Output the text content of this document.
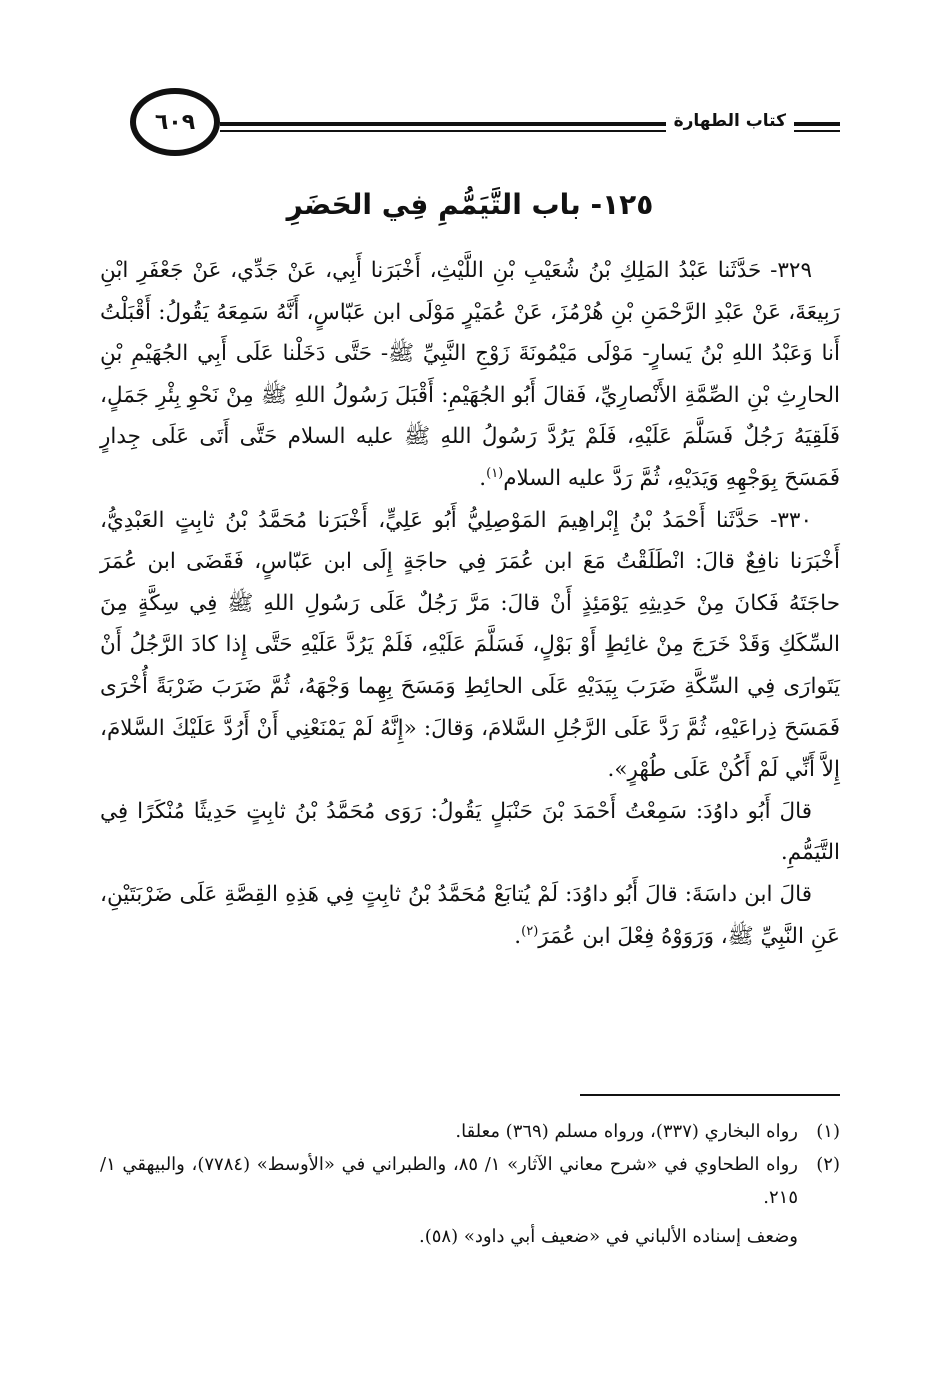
كتاب الطهارة
٦٠٩
١٢٥- باب التَّيَمُّمِ فِي الحَضَرِ

٣٢٩- حَدَّثَنا عَبْدُ المَلِكِ بْنُ شُعَيْبِ بْنِ اللَّيْثِ، أَخْبَرَنا أَبِي، عَنْ جَدِّي، عَنْ جَعْفَرِ ابْنِ رَبِيعَةَ، عَنْ عَبْدِ الرَّحْمَنِ بْنِ هُرْمُزَ، عَنْ عُمَيْرٍ مَوْلَى ابن عَبّاسٍ، أَنَّهُ سَمِعَهُ يَقُولُ: أَقْبَلْتُ أَنا وَعَبْدُ اللهِ بْنُ يَسارٍ- مَوْلَى مَيْمُونَةَ زَوْجِ النَّبِيِّ ﷺ- حَتَّى دَخَلْنا عَلَى أَبِي الجُهَيْمِ بْنِ الحارِثِ بْنِ الصِّمَّةِ الأَنْصارِيِّ، فَقالَ أَبُو الجُهَيْمِ: أَقْبَلَ رَسُولُ اللهِ ﷺ مِنْ نَحْوِ بِئْرِ جَمَلٍ، فَلَقِيَهُ رَجُلٌ فَسَلَّمَ عَلَيْهِ، فَلَمْ يَرُدَّ رَسُولُ اللهِ ﷺ عليه السلام حَتَّى أَتَى عَلَى جِدارٍ فَمَسَحَ بِوَجْهِهِ وَيَدَيْهِ، ثُمَّ رَدَّ عليه السلام$^{(١)}$.

٣٣٠- حَدَّثَنا أَحْمَدُ بْنُ إِبْراهِيمَ المَوْصِلِيُّ أَبُو عَلِيٍّ، أَخْبَرَنا مُحَمَّدُ بْنُ ثابِتٍ العَبْدِيُّ، أَخْبَرَنا نافِعٌ قالَ: انْطَلَقْتُ مَعَ ابن عُمَرَ فِي حاجَةٍ إِلَى ابن عَبّاسٍ، فَقَضَى ابن عُمَرَ حاجَتَهُ فَكانَ مِنْ حَدِيثِهِ يَوْمَئِذٍ أَنْ قالَ: مَرَّ رَجُلٌ عَلَى رَسُولِ اللهِ ﷺ فِي سِكَّةٍ مِنَ السِّكَكِ وَقَدْ خَرَجَ مِنْ غائِطٍ أَوْ بَوْلٍ، فَسَلَّمَ عَلَيْهِ، فَلَمْ يَرُدَّ عَلَيْهِ حَتَّى إِذا كادَ الرَّجُلُ أَنْ يَتَوارَى فِي السِّكَّةِ ضَرَبَ بِيَدَيْهِ عَلَى الحائِطِ وَمَسَحَ بِهِما وَجْهَهُ، ثُمَّ ضَرَبَ ضَرْبَةً أُخْرَى فَمَسَحَ ذِراعَيْهِ، ثُمَّ رَدَّ عَلَى الرَّجُلِ السَّلامَ، وَقالَ: «إِنَّهُ لَمْ يَمْنَعْنِي أَنْ أَرُدَّ عَلَيْكَ السَّلامَ، إِلاَّ أَنِّي لَمْ أَكُنْ عَلَى طُهْرٍ».

قالَ أَبُو داوُدَ: سَمِعْتُ أَحْمَدَ بْنَ حَنْبَلٍ يَقُولُ: رَوَى مُحَمَّدُ بْنُ ثابِتٍ حَدِيثًا مُنْكَرًا فِي التَّيَمُّمِ.

قالَ ابن داسَةَ: قالَ أَبُو داوُدَ: لَمْ يُتابَعْ مُحَمَّدُ بْنُ ثابِتٍ فِي هَذِهِ القِصَّةِ عَلَى ضَرْبَتَيْنِ، عَنِ النَّبِيِّ ﷺ، وَرَوَوْهُ فِعْلَ ابن عُمَرَ$^{(٢)}$.

(١)
رواه البخاري (٣٣٧)، ورواه مسلم (٣٦٩) معلقا.
(٢)
رواه الطحاوي في «شرح معاني الآثار» ١/ ٨٥، والطبراني في «الأوسط» (٧٧٨٤)، والبيهقي ١/ ٢١٥.
وضعف إسناده الألباني في «ضعيف أبي داود» (٥٨).
